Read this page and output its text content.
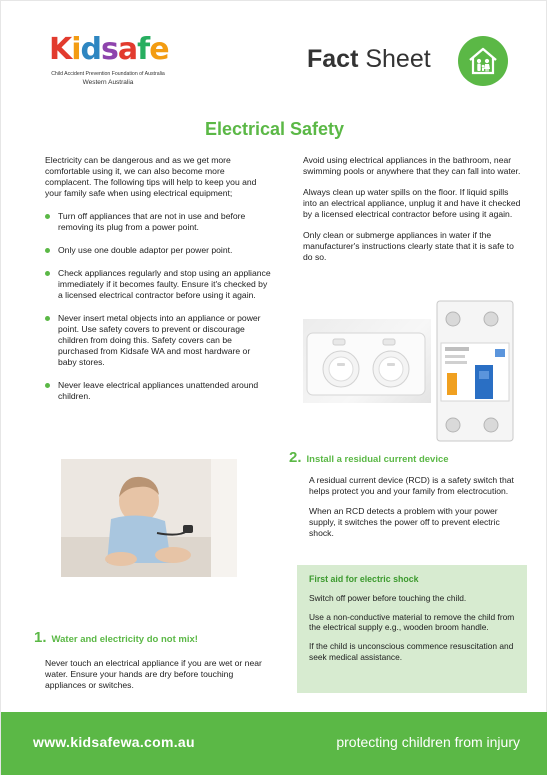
Kidsafe
Child Accident Prevention Foundation of Australia
Western Australia
Fact Sheet
Electrical Safety

Electricity can be dangerous and as we get more comfortable using it, we can also become more complacent. The following tips will help to keep you and your family safe when using electrical equipment;

Turn off appliances that are not in use and before removing its plug from a power point.
Only use one double adaptor per power point.
Check appliances regularly and stop using an appliance immediately if it becomes faulty. Ensure it's checked by a licensed electrical contractor before using it again.
Never insert metal objects into an appliance or power point. Use safety covers to prevent or discourage children from doing this. Safety covers can be purchased from Kidsafe WA and most hardware or baby stores.
Never leave electrical appliances unattended around children.

Avoid using electrical appliances in the bathroom, near swimming pools or anywhere that they can fall into water.

Always clean up water spills on the floor. If liquid spills into an electrical appliance, unplug it and have it checked by a licensed electrical contractor before using it again.

Only clean or submerge appliances in water if the manufacturer's instructions clearly state that it is safe to do so.

2. Install a residual current device

A residual current device (RCD) is a safety switch that helps protect you and your family from electrocution.

When an RCD detects a problem with your power supply, it switches the power off to prevent electric shock.

First aid for electric shock

Switch off power before touching the child.

Use a non-conductive material to remove the child from the electrical supply e.g., wooden broom handle.

If the child is unconscious commence resuscitation and seek medical assistance.

1. Water and electricity do not mix!
Never touch an electrical appliance if you are wet or near water. Ensure your hands are dry before touching appliances or switches.
www.kidsafewa.com.au	protecting children from injury
